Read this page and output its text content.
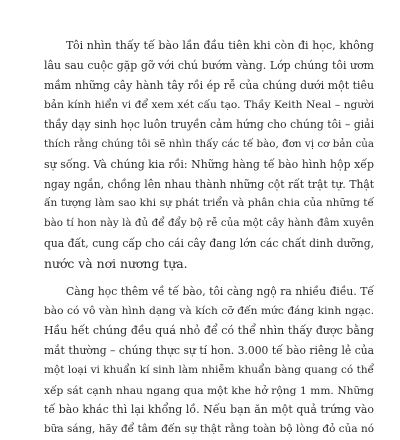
Tôi nhìn thấy tế bào lần đầu tiên khi còn đi học, không
lâu sau cuộc gặp gỡ với chú bướm vàng. Lớp chúng tôi ươm
mầm những cây hành tây rồi ép rễ của chúng dưới một tiêu
bản kính hiển vi để xem xét cấu tạo. Thầy Keith Neal – người
thầy dạy sinh học luôn truyền cảm hứng cho chúng tôi – giải
thích rằng chúng tôi sẽ nhìn thấy các tế bào, đơn vị cơ bản của
sự sống. Và chúng kia rồi: Những hàng tế bào hình hộp xếp
ngay ngắn, chồng lên nhau thành những cột rất trật tự. Thật
ấn tượng làm sao khi sự phát triển và phân chia của những tế
bào tí hon này là đủ để đẩy bộ rễ của một cây hành đâm xuyên
qua đất, cung cấp cho cái cây đang lớn các chất dinh dưỡng,
nước và nơi nương tựa.

Càng học thêm về tế bào, tôi càng ngộ ra nhiều điều. Tế
bào có vô vàn hình dạng và kích cỡ đến mức đáng kinh ngạc.
Hầu hết chúng đều quá nhỏ để có thể nhìn thấy được bằng
mắt thường – chúng thực sự tí hon. 3.000 tế bào riêng lẻ của
một loại vi khuẩn kí sinh làm nhiễm khuẩn bàng quang có thể
xếp sát cạnh nhau ngang qua một khe hở rộng 1 mm. Những
tế bào khác thì lại khổng lồ. Nếu bạn ăn một quả trứng vào
bữa sáng, hãy để tâm đến sự thật rằng toàn bộ lòng đỏ của nó
